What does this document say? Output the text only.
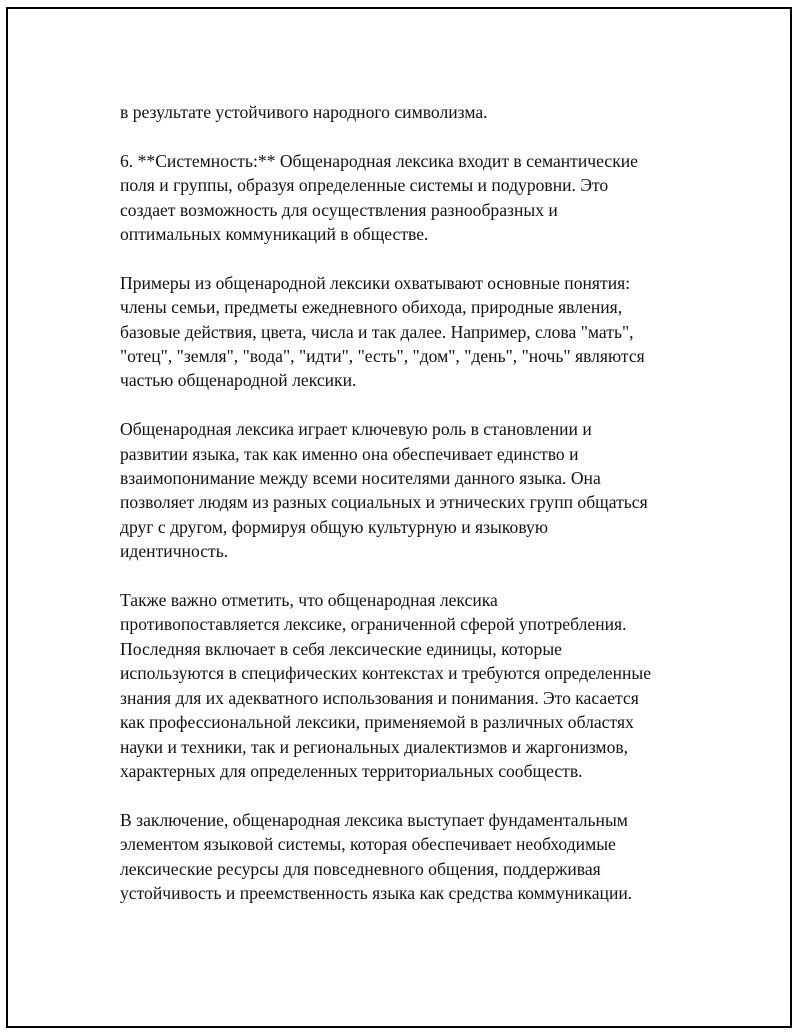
в результате устойчивого народного символизма.

6. **Системность:** Общенародная лексика входит в семантические
поля и группы, образуя определенные системы и подуровни. Это
создает возможность для осуществления разнообразных и
оптимальных коммуникаций в обществе.

Примеры из общенародной лексики охватывают основные понятия:
члены семьи, предметы ежедневного обихода, природные явления,
базовые действия, цвета, числа и так далее. Например, слова "мать",
"отец", "земля", "вода", "идти", "есть", "дом", "день", "ночь" являются
частью общенародной лексики.

Общенародная лексика играет ключевую роль в становлении и
развитии языка, так как именно она обеспечивает единство и
взаимопонимание между всеми носителями данного языка. Она
позволяет людям из разных социальных и этнических групп общаться
друг с другом, формируя общую культурную и языковую
идентичность.

Также важно отметить, что общенародная лексика
противопоставляется лексике, ограниченной сферой употребления.
Последняя включает в себя лексические единицы, которые
используются в специфических контекстах и требуются определенные
знания для их адекватного использования и понимания. Это касается
как профессиональной лексики, применяемой в различных областях
науки и техники, так и региональных диалектизмов и жаргонизмов,
характерных для определенных территориальных сообществ.

В заключение, общенародная лексика выступает фундаментальным
элементом языковой системы, которая обеспечивает необходимые
лексические ресурсы для повседневного общения, поддерживая
устойчивость и преемственность языка как средства коммуникации.
